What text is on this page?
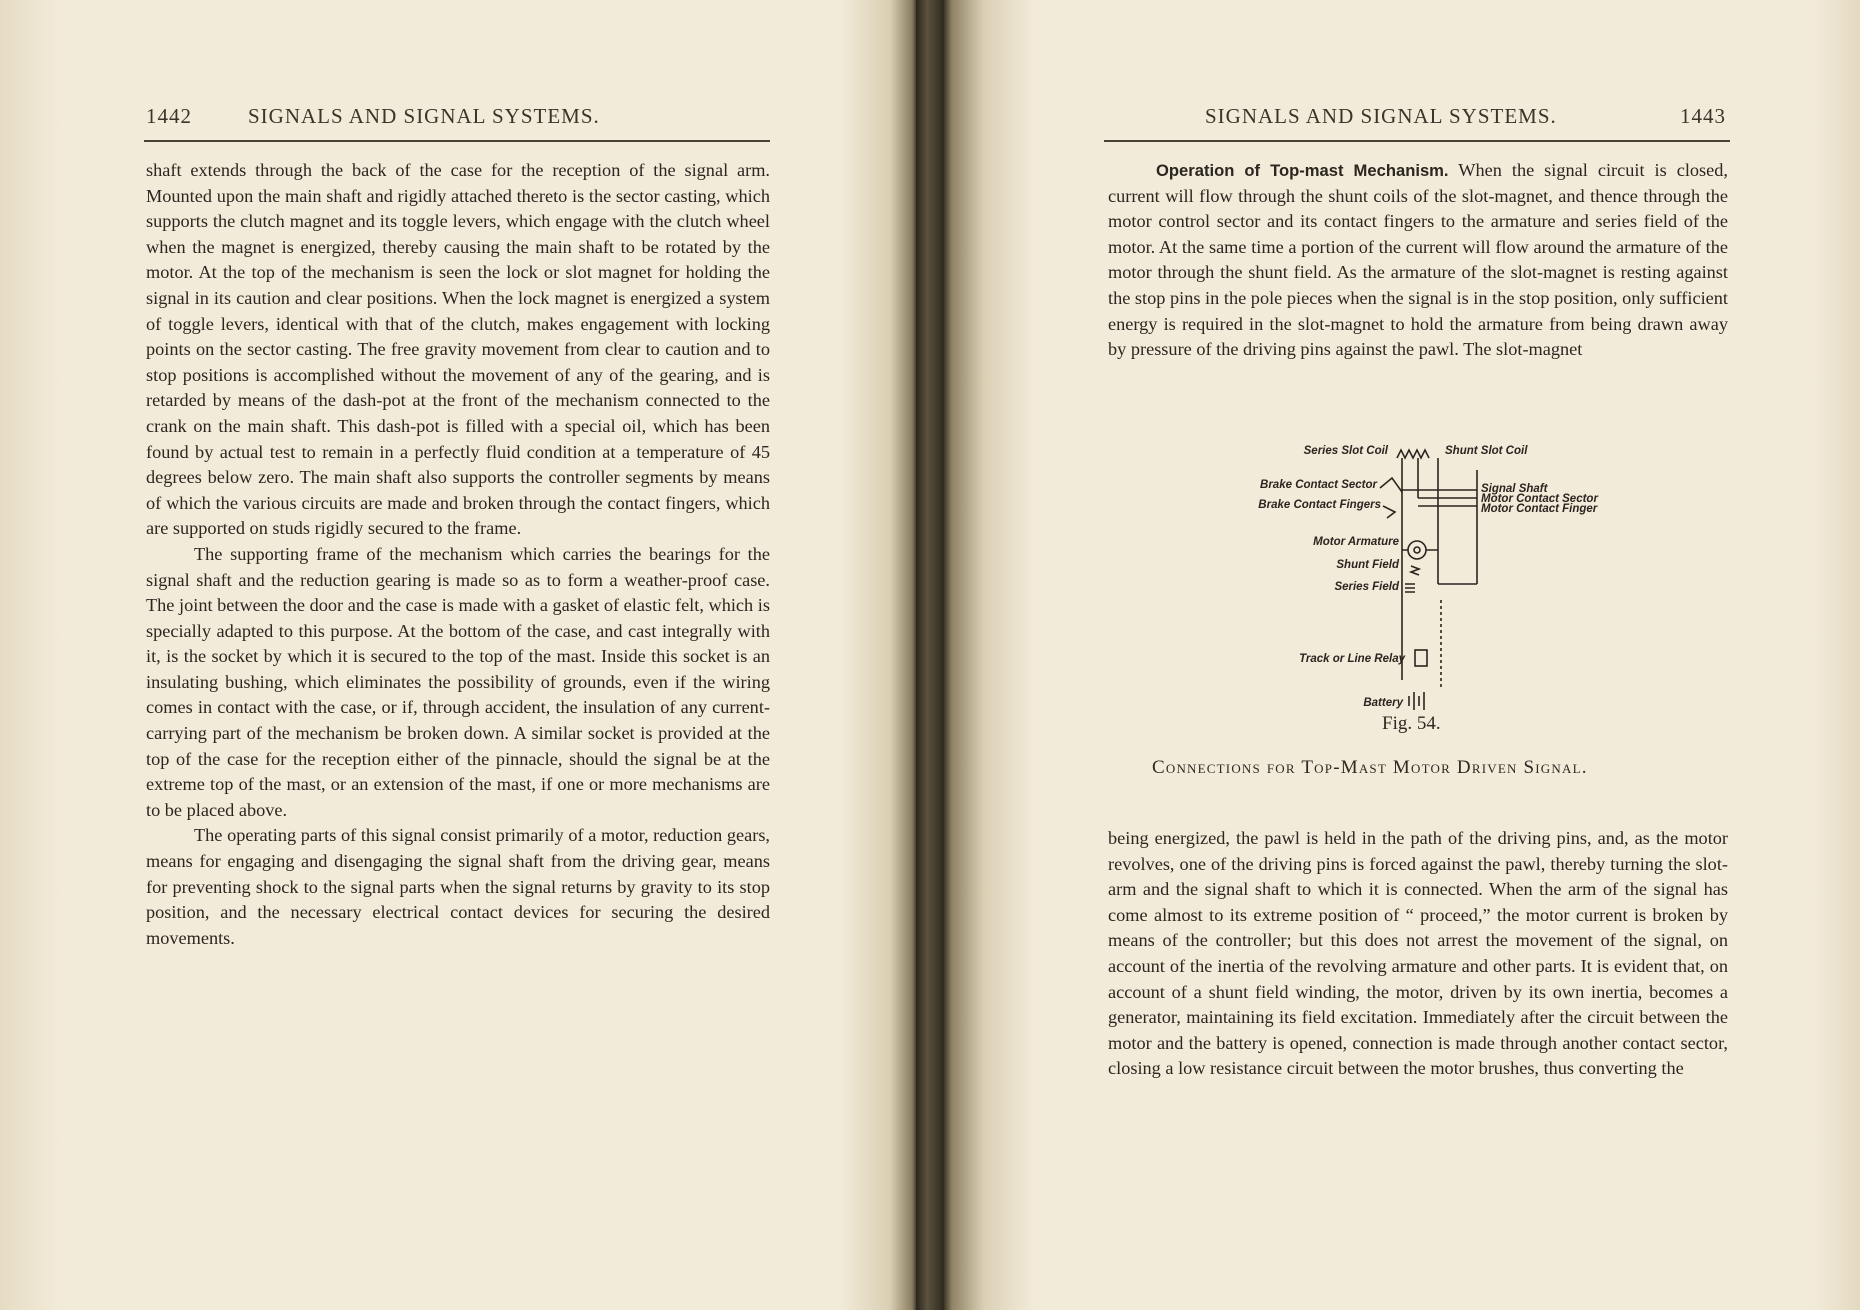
1442	SIGNALS AND SIGNAL SYSTEMS.

shaft extends through the back of the case for the reception of the signal arm. Mounted upon the main shaft and rigidly attached thereto is the sector casting, which supports the clutch magnet and its toggle levers, which engage with the clutch wheel when the magnet is energized, thereby causing the main shaft to be rotated by the motor. At the top of the mechanism is seen the lock or slot magnet for holding the signal in its caution and clear positions. When the lock magnet is energized a system of toggle levers, identical with that of the clutch, makes engagement with locking points on the sector casting. The free gravity movement from clear to caution and to stop positions is accomplished without the movement of any of the gearing, and is retarded by means of the dash-pot at the front of the mechanism connected to the crank on the main shaft. This dash-pot is filled with a special oil, which has been found by actual test to remain in a perfectly fluid condition at a temperature of 45 degrees below zero. The main shaft also supports the controller segments by means of which the various circuits are made and broken through the contact fingers, which are supported on studs rigidly secured to the frame.

The supporting frame of the mechanism which carries the bearings for the signal shaft and the reduction gearing is made so as to form a weather-proof case. The joint between the door and the case is made with a gasket of elastic felt, which is specially adapted to this purpose. At the bottom of the case, and cast integrally with it, is the socket by which it is secured to the top of the mast. Inside this socket is an insulating bushing, which eliminates the possibility of grounds, even if the wiring comes in contact with the case, or if, through accident, the insulation of any current-carrying part of the mechanism be broken down. A similar socket is provided at the top of the case for the reception either of the pinnacle, should the signal be at the extreme top of the mast, or an extension of the mast, if one or more mechanisms are to be placed above.

The operating parts of this signal consist primarily of a motor, reduction gears, means for engaging and disengaging the signal shaft from the driving gear, means for preventing shock to the signal parts when the signal returns by gravity to its stop position, and the necessary electrical contact devices for securing the desired movements.

SIGNALS AND SIGNAL SYSTEMS.	1443

Operation of Top-mast Mechanism. When the signal circuit is closed, current will flow through the shunt coils of the slot-magnet, and thence through the motor control sector and its contact fingers to the armature and series field of the motor. At the same time a portion of the current will flow around the armature of the motor through the shunt field. As the armature of the slot-magnet is resting against the stop pins in the pole pieces when the signal is in the stop position, only sufficient energy is required in the slot-magnet to hold the armature from being drawn away by pressure of the driving pins against the pawl. The slot-magnet

Series Slot Coil	Shunt Slot Coil
Brake Contact Sector
Brake Contact Fingers
Signal Shaft
Motor Contact Sector
Motor Contact Finger
Motor Armature
Shunt Field
Series Field
Track or Line Relay
Battery
Fig. 54.
Connections for Top-Mast Motor Driven Signal.

being energized, the pawl is held in the path of the driving pins, and, as the motor revolves, one of the driving pins is forced against the pawl, thereby turning the slot-arm and the signal shaft to which it is connected. When the arm of the signal has come almost to its extreme position of “ proceed,” the motor current is broken by means of the controller; but this does not arrest the movement of the signal, on account of the inertia of the revolving armature and other parts. It is evident that, on account of a shunt field winding, the motor, driven by its own inertia, becomes a generator, maintaining its field excitation. Immediately after the circuit between the motor and the battery is opened, connection is made through another contact sector, closing a low resistance circuit between the motor brushes, thus converting the
